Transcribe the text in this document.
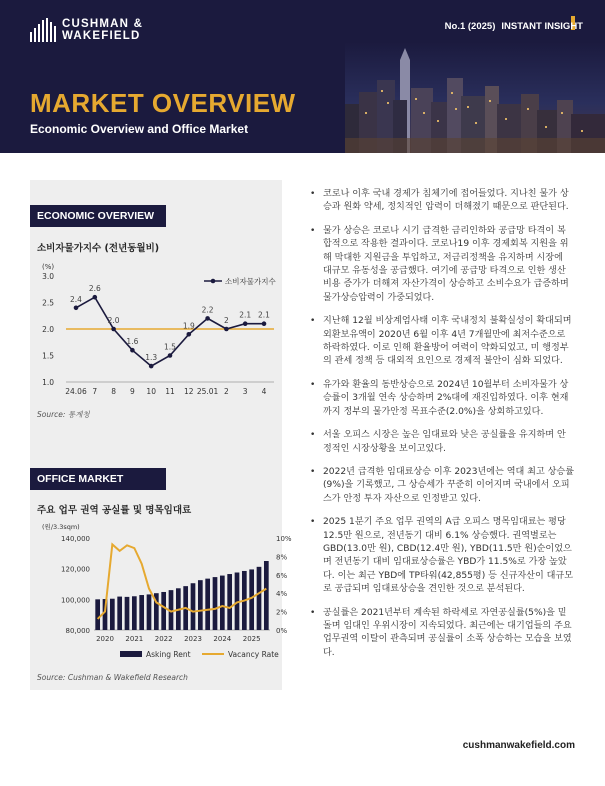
CUSHMAN &
WAKEFIELD
No.1 (2025) INSTANT INSIGHT
MARKET OVERVIEW
Economic Overview and Office Market
ECONOMIC OVERVIEW
소비자물가지수 (전년동월비)
(%)
1.0
1.5
2.0
2.5
3.0
2.4
2.6
2.0
1.6
1.3
1.5
1.9
2.2
2
2.1 2.1
24.06 7 8 9 10 11 12 25.01 2 3 4
소비자물가지수
Source: 통계청
OFFICE MARKET
주요 업무 권역 공실률 및 명목임대료
(원/3.3sqm)
80,000
100,000
120,000
140,000
0%
2%
4%
6%
8%
10%
2020 2021 2022 2023 2024 2025
Asking Rent	Vacancy Rate
Source: Cushman & Wakefield Research
• 코로나 이후 국내 경제가 침체기에 접어들었다. 지나친 물가 상승과 원화 약세, 정치적인 압력이 더해졌기 때문으로 판단된다.
• 물가 상승은 코로나 시기 급격한 금리인하와 공급망 타격이 복합적으로 작용한 결과이다. 코로나19 이후 경제회복 지원을 위해 막대한 지원금을 투입하고, 저금리정책을 유지하며 시장에 대규모 유동성을 공급했다. 여기에 공급망 타격으로 인한 생산비용 증가가 더해져 자산가격이 상승하고 소비수요가 급증하며 물가상승압력이 가중되었다.
• 지난해 12월 비상계엄사태 이후 국내정치 불확실성이 확대되며 외환보유액이 2020년 6월 이후 4년 7개월만에 최저수준으로 하락하였다. 이로 인해 환율방어 여력이 약화되었고, 미 행정부의 관세 정책 등 대외적 요인으로 경제적 불안이 심화 되었다.
• 유가와 환율의 동반상승으로 2024년 10월부터 소비자물가 상승률이 3개월 연속 상승하며 2%대에 재진입하였다. 이후 현재까지 정부의 물가안정 목표수준(2.0%)을 상회하고있다.
• 서울 오피스 시장은 높은 임대료와 낮은 공실률을 유지하며 안정적인 시장상황을 보이고있다.
• 2022년 급격한 임대료상승 이후 2023년에는 역대 최고 상승률(9%)을 기록했고, 그 상승세가 꾸준히 이어지며 국내에서 오피스가 안정 투자 자산으로 인정받고 있다.
• 2025 1분기 주요 업무 권역의 A급 오피스 명목임대료는 평당 12.5만 원으로, 전년동기 대비 6.1% 상승했다. 권역별로는 GBD(13.0만 원), CBD(12.4만 원), YBD(11.5만 원)순이었으며 전년동기 대비 임대료상승률은 YBD가 11.5%로 가장 높았다. 이는 최근 YBD에 TP타워(42,855평) 등 신규자산이 대규모로 공급되며 임대료상승을 견인한 것으로 분석된다.
• 공실률은 2021년부터 계속된 하락세로 자연공실률(5%)을 밑돌며 임대인 우위시장이 지속되었다. 최근에는 대기업들의 주요업무권역 이탈이 관측되며 공실률이 소폭 상승하는 모습을 보였다.
cushmanwakefield.com
